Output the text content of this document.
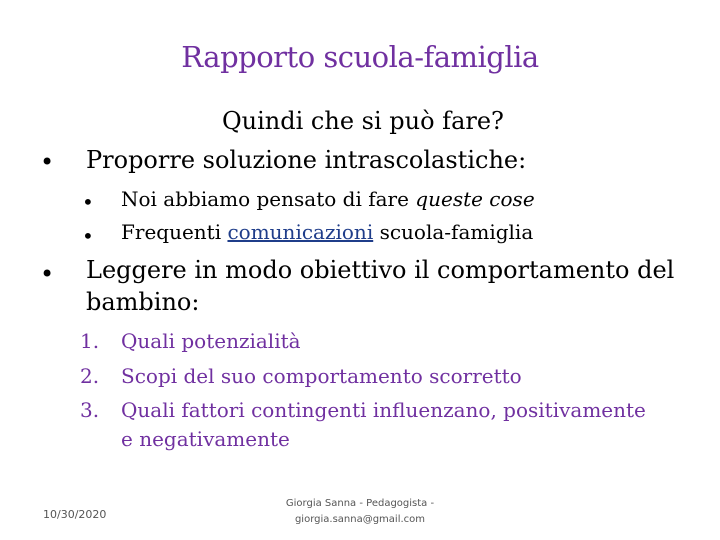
Rapporto scuola-famiglia
Quindi che si può fare?
• Proporre soluzione intrascolastiche:
• Noi abbiamo pensato di fare queste cose
• Frequenti comunicazioni scuola-famiglia
• Leggere in modo obiettivo il comportamento del
bambino:
1. Quali potenzialità
2. Scopi del suo comportamento scorretto
3. Quali fattori contingenti influenzano, positivamente
e negativamente
10/30/2020
Giorgia Sanna - Pedagogista -
giorgia.sanna@gmail.com
